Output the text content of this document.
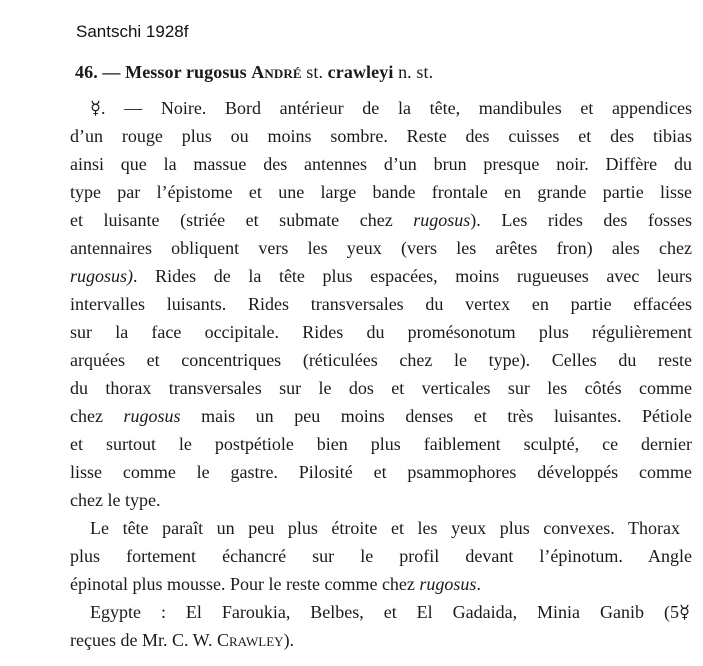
Santschi 1928f
46. — Messor rugosus André st. crawleyi n. st.
☿. — Noire. Bord antérieur de la tête, mandibules et appendices
d’un rouge plus ou moins sombre. Reste des cuisses et des tibias
ainsi que la massue des antennes d’un brun presque noir. Diffère du
type par l’épistome et une large bande frontale en grande partie lisse
et luisante (striée et submate chez rugosus). Les rides des fosses
antennaires obliquent vers les yeux (vers les arêtes fron) ales chez
rugosus). Rides de la tête plus espacées, moins rugueuses avec leurs
intervalles luisants. Rides transversales du vertex en partie effacées
sur la face occipitale. Rides du promésonotum plus régulièrement
arquées et concentriques (réticulées chez le type). Celles du reste
du thorax transversales sur le dos et verticales sur les côtés comme
chez rugosus mais un peu moins denses et très luisantes. Pétiole
et surtout le postpétiole bien plus faiblement sculpté, ce dernier
lisse comme le gastre. Pilosité et psammophores développés comme
chez le type.
Le tête paraît un peu plus étroite et les yeux plus convexes. Thorax
plus fortement échancré sur le profil devant l’épinotum. Angle
épinotal plus mousse. Pour le reste comme chez rugosus.
Egypte : El Faroukia, Belbes, et El Gadaida, Minia Ganib (5☿
reçues de Mr. C. W. Crawley).
